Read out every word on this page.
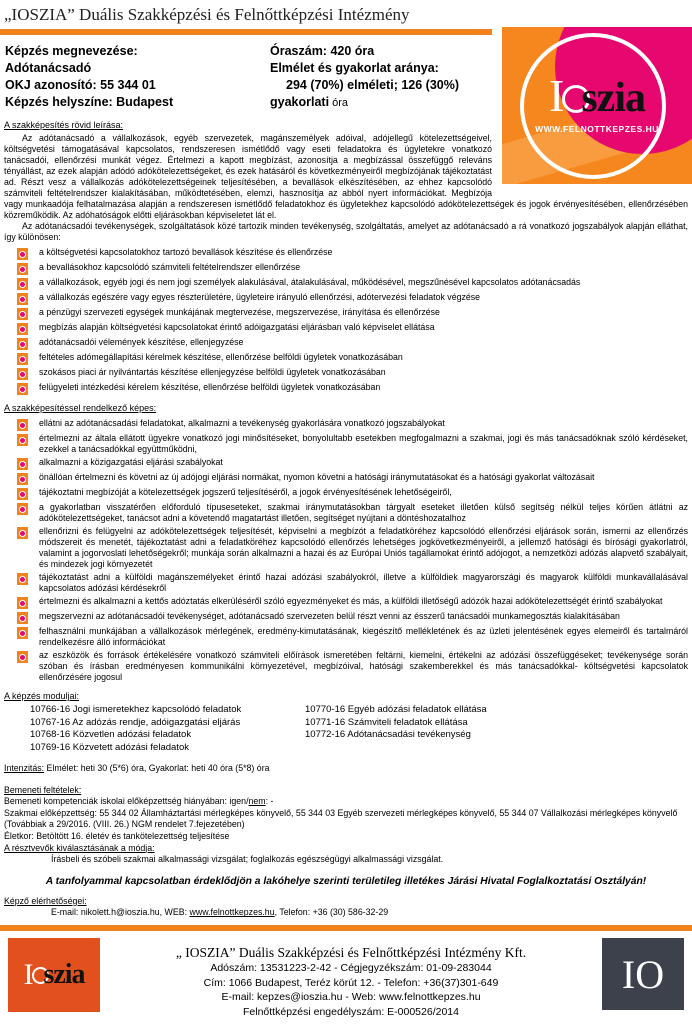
„IOSZIA” Duális Szakképzési és Felnőttképzési Intézmény
I szia
WWW.FELNOTTKEPZES.HU
Képzés megnevezése:
Adótanácsadó
OKJ azonosító: 55 344 01
Képzés helyszíne: Budapest
Óraszám: 420 óra
Elmélet és gyakorlat aránya:
294 (70%) elméleti; 126 (30%)
gyakorlati óra
A szakképesítés rövid leírása:
Az adótanácsadó a vállalkozások, egyéb szervezetek, magánszemélyek adóival, adójellegű kötelezettségeivel, költségvetési támogatásával kapcsolatos, rendszeresen ismétlődő vagy eseti feladatokra és ügyletekre vonatkozó tanácsadói, ellenőrzési munkát végez. Értelmezi a kapott megbízást, azonosítja a megbízással összefüggő releváns tényállást, az ezek alapján adódó adókötelezettségeket, és ezek hatásáról és következményeiről megbízójának tájékoztatást ad. Részt vesz a vállalkozás adókötelezettségeinek teljesítésében, a bevallások elkészítésében, az ehhez kapcsolódó számviteli feltételrendszer kialakításában, működtetésében, elemzi, hasznosítja az abból nyert információkat. Megbízója vagy munkaadója felhatalmazása alapján a rendszeresen ismétlődő feladatokhoz és ügyletekhez kapcsolódó adókötelezettségek és jogok érvényesítésében, ellenőrzésében közreműködik. Az adóhatóságok előtti eljárásokban képviseletet lát el.
Az adótanácsadói tevékenységek, szolgáltatások közé tartozik minden tevékenység, szolgáltatás, amelyet az adótanácsadó a rá vonatkozó jogszabályok alapján elláthat, így különösen:
a költségvetési kapcsolatokhoz tartozó bevallások készítése és ellenőrzése
a bevallásokhoz kapcsolódó számviteli feltételrendszer ellenőrzése
a vállalkozások, egyéb jogi és nem jogi személyek alakulásával, átalakulásával, működésével, megszűnésével kapcsolatos adótanácsadás
a vállalkozás egészére vagy egyes részterületére, ügyleteire irányuló ellenőrzési, adótervezési feladatok végzése
a pénzügyi szervezeti egységek munkájának megtervezése, megszervezése, irányítása és ellenőrzése
megbízás alapján költségvetési kapcsolatokat érintő adóigazgatási eljárásban való képviselet ellátása
adótanácsadói vélemények készítése, ellenjegyzése
feltételes adómegállapítási kérelmek készítése, ellenőrzése belföldi ügyletek vonatkozásában
szokásos piaci ár nyilvántartás készítése ellenjegyzése belföldi ügyletek vonatkozásában
felügyeleti intézkedési kérelem készítése, ellenőrzése belföldi ügyletek vonatkozásában
A szakképesítéssel rendelkező képes:
ellátni az adótanácsadási feladatokat, alkalmazni a tevékenység gyakorlására vonatkozó jogszabályokat
értelmezni az általa ellátott ügyekre vonatkozó jogi minősítéseket, bonyolultabb esetekben megfogalmazni a szakmai, jogi és más tanácsadóknak szóló kérdéseket, ezekkel a tanácsadókkal együttműködni,
alkalmazni a közigazgatási eljárási szabályokat
önállóan értelmezni és követni az új adójogi eljárási normákat, nyomon követni a hatósági iránymutatásokat és a hatósági gyakorlat változásait
tájékoztatni megbízóját a kötelezettségek jogszerű teljesítéséről, a jogok érvényesítésének lehetőségeiről,
a gyakorlatban visszatérően előforduló típuseseteket, szakmai iránymutatásokban tárgyalt eseteket illetően külső segítség nélkül teljes körűen átlátni az adókötelezettségeket, tanácsot adni a követendő magatartást illetően, segítséget nyújtani a döntéshozatalhoz
ellenőrizni és felügyelni az adókötelezettségek teljesítését, képviselni a megbízót a feladatköréhez kapcsolódó ellenőrzési eljárások során, ismerni az ellenőrzés módszereit és menetét, tájékoztatást adni a feladatköréhez kapcsolódó ellenőrzés lehetséges jogkövetkezményeiről, a jellemző hatósági és bírósági gyakorlatról, valamint a jogorvoslati lehetőségekről; munkája során alkalmazni a hazai és az Európai Uniós tagállamokat érintő adójogot, a nemzetközi adózás alapvető szabályait, és mindezek jogi környezetét
tájékoztatást adni a külföldi magánszemélyeket érintő hazai adózási szabályokról, illetve a külföldiek magyarországi és magyarok külföldi munkavállalásával kapcsolatos adózási kérdésekről
értelmezni és alkalmazni a kettős adóztatás elkerüléséről szóló egyezményeket és más, a külföldi illetőségű adózók hazai adókötelezettségét érintő szabályokat
megszervezni az adótanácsadói tevékenységet, adótanácsadó szervezeten belül részt venni az ésszerű tanácsadói munkamegosztás kialakításában
felhasználni munkájában a vállalkozások mérlegének, eredmény-kimutatásának, kiegészítő mellékletének és az üzleti jelentésének egyes elemeiről és tartalmáról rendelkezésre álló információkat
az eszközök és források értékelésére vonatkozó számviteli előírások ismeretében feltárni, kiemelni, értékelni az adózási összefüggéseket; tevékenysége során szóban és írásban eredményesen kommunikálni környezetével, megbízóival, hatósági szakemberekkel és más tanácsadókkal- költségvetési kapcsolatok ellenőrzésére jogosul
A képzés moduljai:
10766-16 Jogi ismeretekhez kapcsolódó feladatok
10767-16 Az adózás rendje, adóigazgatási eljárás
10768-16 Közvetlen adózási feladatok
10769-16 Közvetett adózási feladatok
10770-16 Egyéb adózási feladatok ellátása
10771-16 Számviteli feladatok ellátása
10772-16 Adótanácsadási tevékenység
Intenzitás: Elmélet: heti 30 (5*6) óra, Gyakorlat: heti 40 óra (5*8) óra
Bemeneti feltételek:
Bemeneti kompetenciák iskolai előképzettség hiányában: igen/nem: -
Szakmai előképzettség: 55 344 02 Államháztartási mérlegképes könyvelő, 55 344 03 Egyéb szervezeti mérlegképes könyvelő, 55 344 07 Vállalkozási mérlegképes könyvelő (Továbbiak a 29/2016. (VIII. 26.) NGM rendelet 7.fejezetében)
Életkor: Betöltött 16. életév és tankötelezettség teljesítése
A résztvevők kiválasztásának a módja:
Írásbeli és szóbeli szakmai alkalmassági vizsgálat; foglalkozás egészségügyi alkalmassági vizsgálat.
A tanfolyammal kapcsolatban érdeklődjön a lakóhelye szerinti területileg illetékes Járási Hivatal Foglalkoztatási Osztályán!
Képző elérhetőségei:
E-mail: nikolett.h@ioszia.hu, WEB: www.felnottkepzes.hu, Telefon: +36 (30) 586-32-29
I szia
„ IOSZIA” Duális Szakképzési és Felnőttképzési Intézmény Kft.
Adószám: 13531223-2-42 - Cégjegyzékszám: 01-09-283044
Cím: 1066 Budapest, Teréz körút 12. - Telefon: +36(37)301-649
E-mail: kepzes@ioszia.hu - Web: www.felnottkepzes.hu
Felnőttképzési engedélyszám: E-000526/2014
IO
